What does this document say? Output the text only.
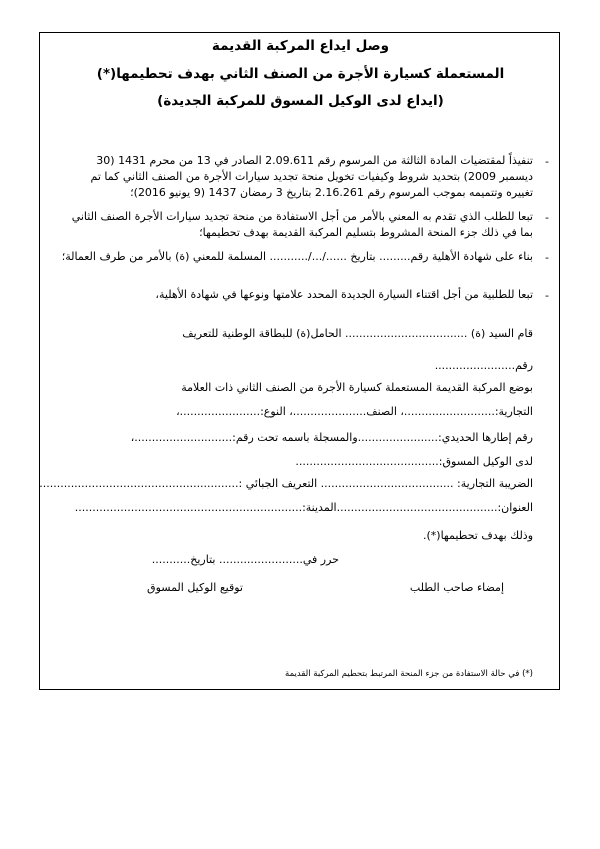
وصل ايداع المركبة القديمة
المستعملة كسيارة الأجرة من الصنف الثاني بهدف تحطيمها(*)
(ايداع لدى الوكيل المسوق للمركبة الجديدة)
-
تنفيذاً لمقتضيات المادة الثالثة من المرسوم رقم 2.09.611 الصادر في 13 من محرم 1431 (30 ديسمبر 2009) بتحديد شروط وكيفيات تخويل منحة تجديد سيارات الأجرة من الصنف الثاني كما تم تغييره وتتميمه بموجب المرسوم رقم 2.16.261 بتاريخ 3 رمضان 1437 (9 يونيو 2016)؛
-
تبعا للطلب الذي تقدم به المعني بالأمر من أجل الاستفادة من منحة تجديد سيارات الأجرة الصنف الثاني بما في ذلك جزء المنحة المشروط بتسليم المركبة القديمة بهدف تحطيمها؛
-
بناء على شهادة الأهلية رقم......... بتاريخ ....../.../........... المسلمة للمعني (ة) بالأمر من طرف العمالة؛
-
تبعا للطلبية من أجل اقتناء السيارة الجديدة المحدد علامتها ونوعها في شهادة الأهلية،
قام السيد (ة) ................................... الحامل(ة) للبطاقة الوطنية للتعريف
رقم.......................
بوضع المركبة القديمة المستعملة كسيارة الأجرة من الصنف الثاني ذات العلامة
التجارية:..........................، الصنف.....................، النوع:.......................،
رقم إطارها الحديدي:.......................والمسجلة باسمه تحت رقم:............................،
لدى الوكيل المسوق:.........................................
الضريبة التجارية: ...................................... التعريف الجبائي :.........................................................
العنوان:..............................................المدينة:.................................................................
وذلك بهدف تحطيمها(*).
حرر في........................ بتاريخ...........
إمضاء صاحب الطلب
توقيع الوكيل المسوق
(*) في حالة الاستفادة من جزء المنحة المرتبط بتحطيم المركبة القديمة
